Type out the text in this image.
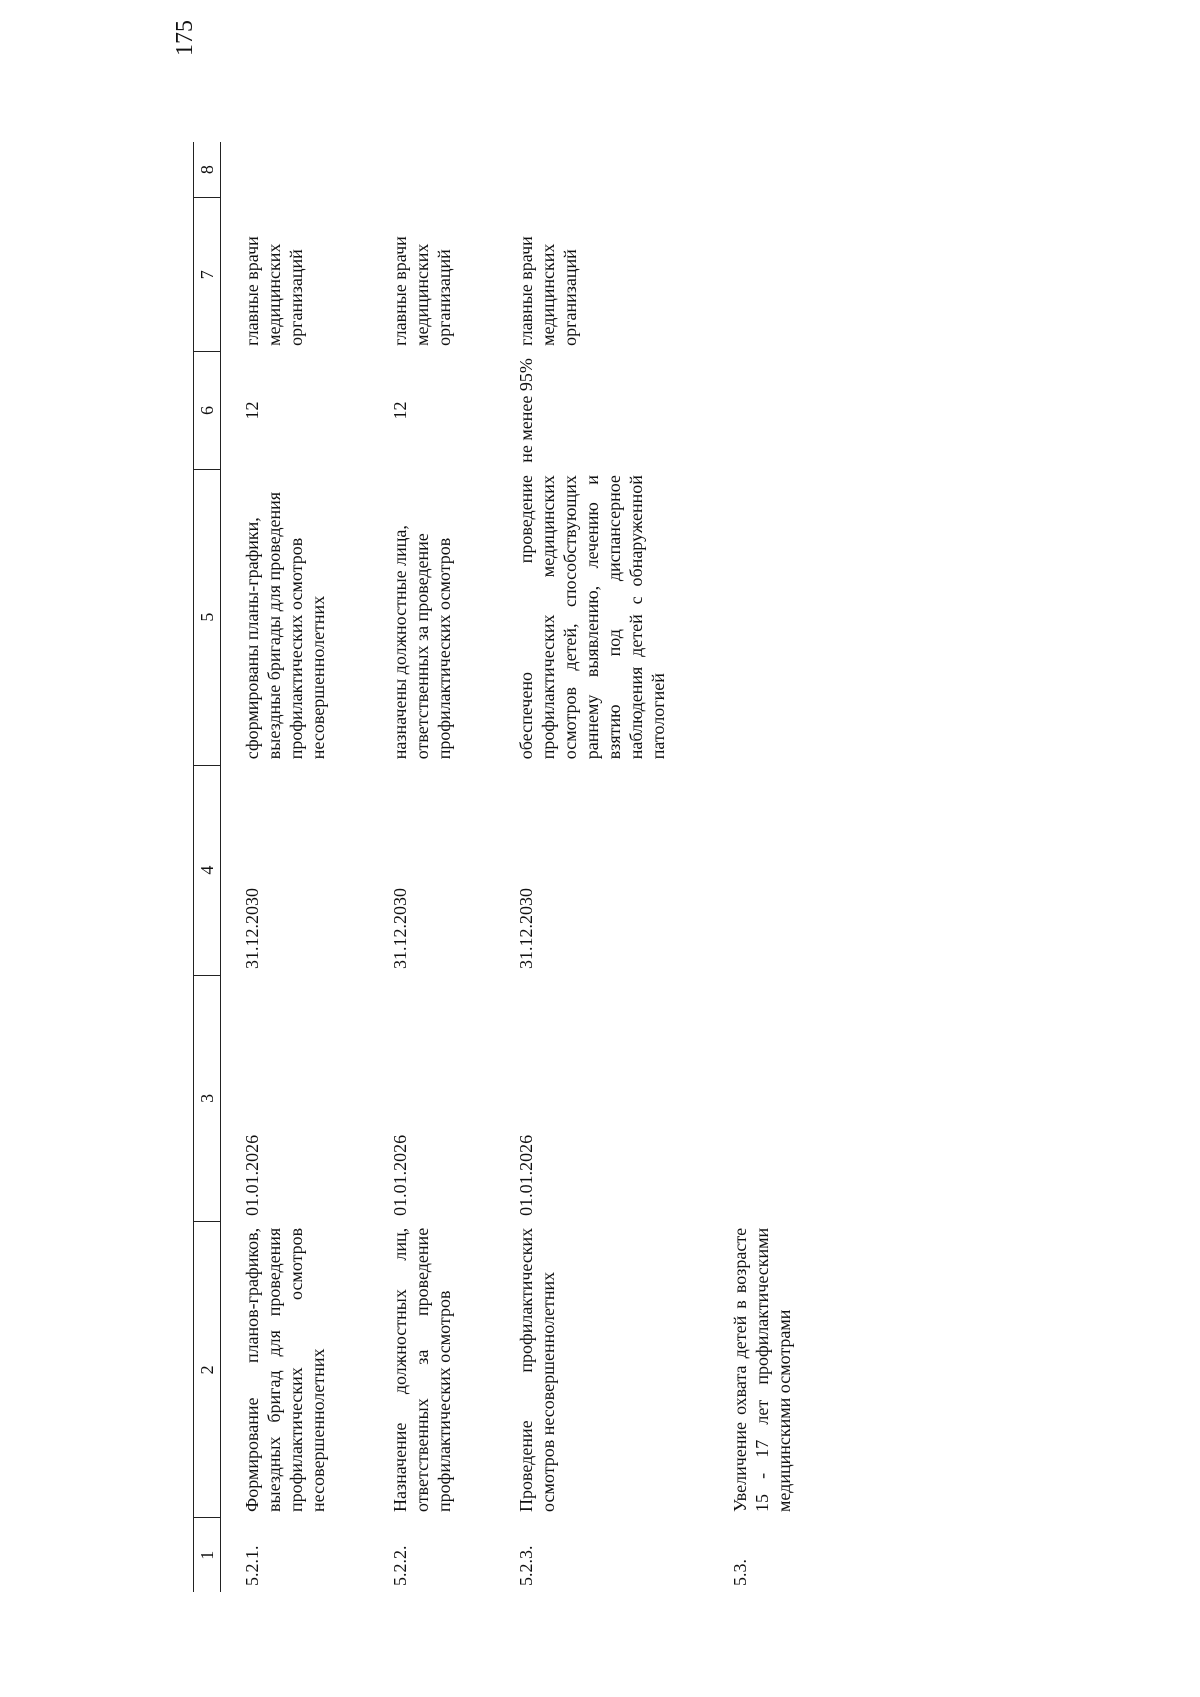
175
1	2	3	4	5	6	7	8
5.2.1.	Формирование планов-графиков, выездных бригад для проведения профилактических осмотров несовершеннолетних	01.01.2026	31.12.2030	сформированы планы-графики, выездные бригады для проведения профилактических осмотров несовершеннолетних	12	главные врачи медицинских организаций	
5.2.2.	Назначение должностных лиц, ответственных за проведение профилактических осмотров	01.01.2026	31.12.2030	назначены должностные лица, ответственных за проведение профилактических осмотров	12	главные врачи медицинских организаций	
5.2.3.	Проведение профилактических осмотров несовершеннолетних	01.01.2026	31.12.2030	обеспечено проведение профилактических медицинских осмотров детей, способствующих раннему выявлению, лечению и взятию под диспансерное наблюдения детей с обнаруженной патологией	не менее 95%	главные врачи медицинских организаций	
5.3.	Увеличение охвата детей в возрасте 15 - 17 лет профилактическими медицинскими осмотрами						
